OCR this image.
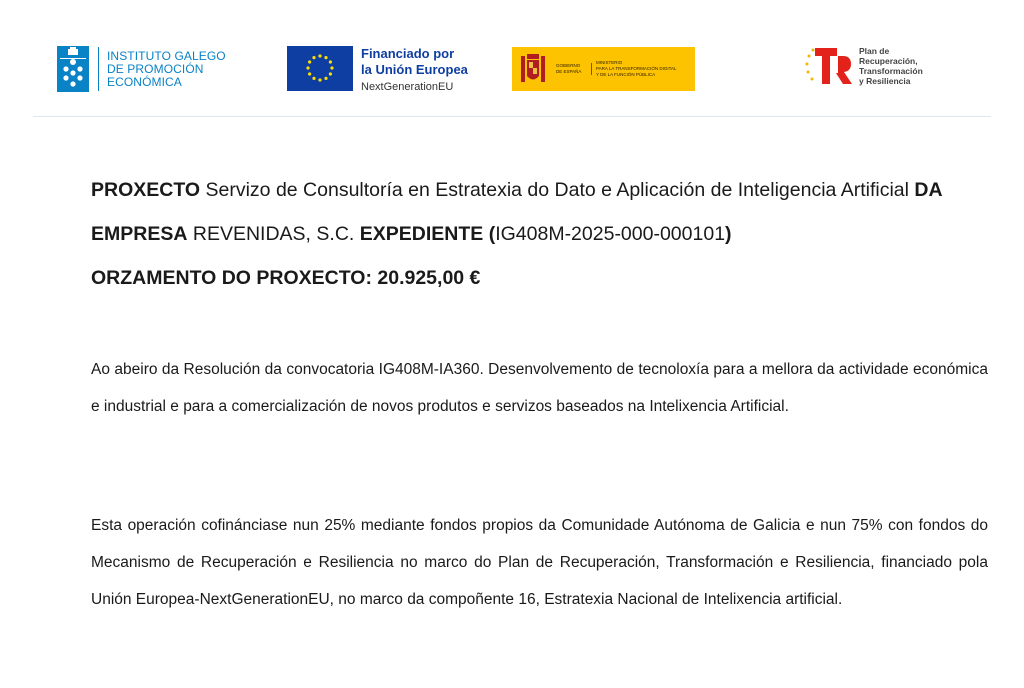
INSTITUTO GALEGO
DE PROMOCIÓN
ECONÓMICA
Financiado por
la Unión Europea
NextGenerationEU
GOBIERNO
DE ESPAÑA
MINISTERIO
PARA LA TRANSFORMACIÓN DIGITAL
Y DE LA FUNCIÓN PÚBLICA
Plan de
Recuperación,
Transformación
y Resiliencia
PROXECTO Servizo de Consultoría en Estratexia do Dato e Aplicación de Inteligencia Artificial DA EMPRESA REVENIDAS, S.C. EXPEDIENTE (IG408M-2025-000-000101)
ORZAMENTO DO PROXECTO: 20.925,00 €
Ao abeiro da Resolución da convocatoria IG408M-IA360. Desenvolvemento de tecnoloxía para a mellora da actividade económica e industrial e para a comercialización de novos produtos e servizos baseados na Intelixencia Artificial.
Esta operación cofinánciase nun 25% mediante fondos propios da Comunidade Autónoma de Galicia e nun 75% con fondos do Mecanismo de Recuperación e Resiliencia no marco do Plan de Recuperación, Transformación e Resiliencia, financiado pola Unión Europea-NextGenerationEU, no marco da compoñente 16, Estratexia Nacional de Intelixencia artificial.
